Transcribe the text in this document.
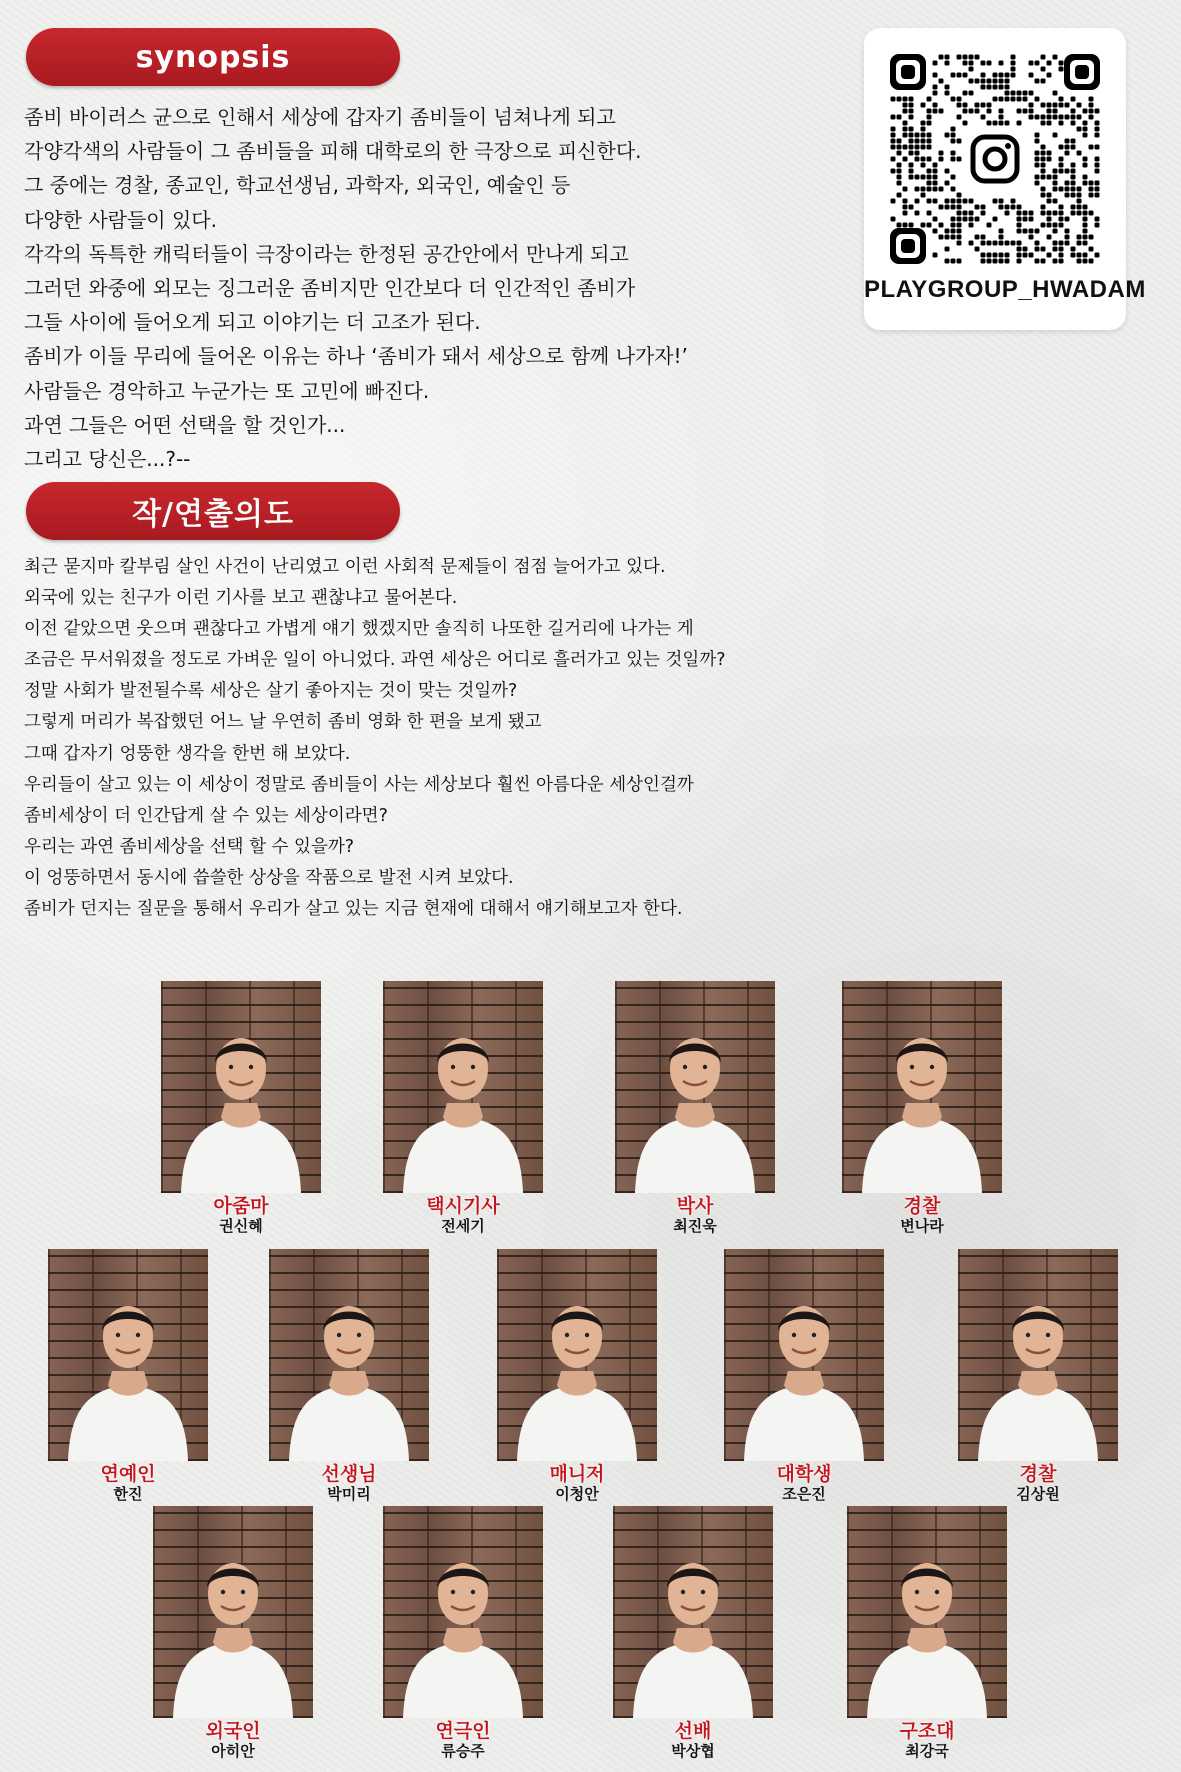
synopsis
좀비 바이러스 균으로 인해서 세상에 갑자기 좀비들이 넘쳐나게 되고
각양각색의 사람들이 그 좀비들을 피해 대학로의 한 극장으로 피신한다.
그 중에는 경찰, 종교인, 학교선생님, 과학자, 외국인, 예술인 등
다양한 사람들이 있다.
각각의 독특한 캐릭터들이 극장이라는 한정된 공간안에서 만나게 되고
그러던 와중에 외모는 징그러운 좀비지만 인간보다 더 인간적인 좀비가
그들 사이에 들어오게 되고 이야기는 더 고조가 된다.
좀비가 이들 무리에 들어온 이유는 하나 ‘좀비가 돼서 세상으로 함께 나가자!’
사람들은 경악하고 누군가는 또 고민에 빠진다.
과연 그들은 어떤 선택을 할 것인가...
그리고 당신은...?--
작/연출의도
최근 묻지마 칼부림 살인 사건이 난리였고 이런 사회적 문제들이 점점 늘어가고 있다.
외국에 있는 친구가 이런 기사를 보고 괜찮냐고 물어본다.
이전 같았으면 웃으며 괜찮다고 가볍게 얘기 했겠지만 솔직히 나또한 길거리에 나가는 게
조금은 무서워졌을 정도로 가벼운 일이 아니었다. 과연 세상은 어디로 흘러가고 있는 것일까?
정말 사회가 발전될수록 세상은 살기 좋아지는 것이 맞는 것일까?
그렇게 머리가 복잡했던 어느 날 우연히 좀비 영화 한 편을 보게 됐고
그때 갑자기 엉뚱한 생각을 한번 해 보았다.
우리들이 살고 있는 이 세상이 정말로 좀비들이 사는 세상보다 훨씬 아름다운 세상인걸까
좀비세상이 더 인간답게 살 수 있는 세상이라면?
우리는 과연 좀비세상을 선택 할 수 있을까?
이 엉뚱하면서 동시에 씁쓸한 상상을 작품으로 발전 시켜 보았다.
좀비가 던지는 질문을 통해서 우리가 살고 있는 지금 현재에 대해서 얘기해보고자 한다.
PLAYGROUP_HWADAM
아줌마
권신혜
택시기사
전세기
박사
최진욱
경찰
변나라
연예인
한진
선생님
박미리
매니저
이청안
대학생
조은진
경찰
김상원
외국인
아히안
연극인
류승주
선배
박상협
구조대
최강국
